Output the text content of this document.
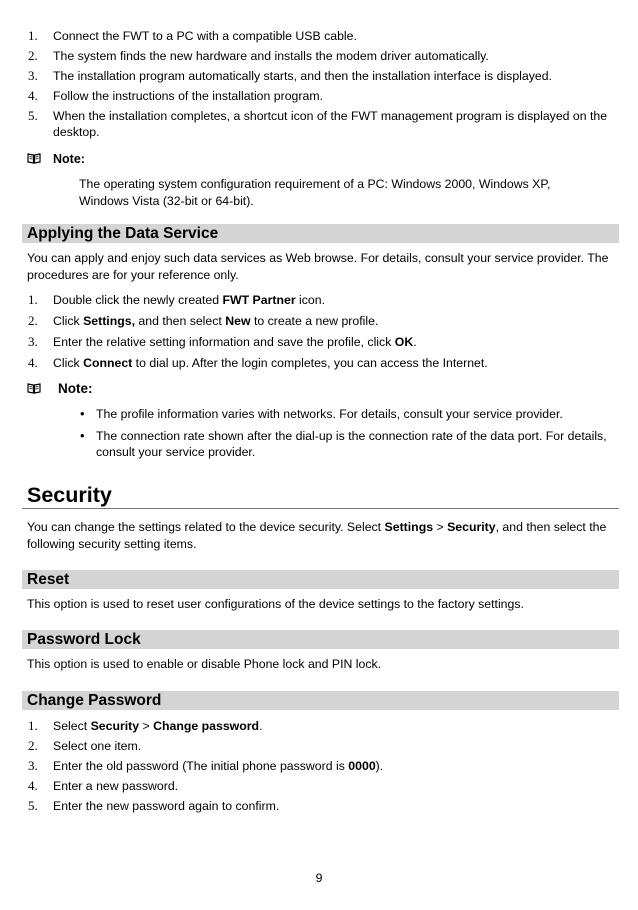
1. Connect the FWT to a PC with a compatible USB cable.
2. The system finds the new hardware and installs the modem driver automatically.
3. The installation program automatically starts, and then the installation interface is displayed.
4. Follow the instructions of the installation program.
5. When the installation completes, a shortcut icon of the FWT management program is displayed on the desktop.
Note:
The operating system configuration requirement of a PC: Windows 2000, Windows XP, Windows Vista (32-bit or 64-bit).
Applying the Data Service
You can apply and enjoy such data services as Web browse. For details, consult your service provider. The procedures are for your reference only.
1. Double click the newly created FWT Partner icon.
2. Click Settings, and then select New to create a new profile.
3. Enter the relative setting information and save the profile, click OK.
4. Click Connect to dial up. After the login completes, you can access the Internet.
Note:
• The profile information varies with networks. For details, consult your service provider.
• The connection rate shown after the dial-up is the connection rate of the data port. For details, consult your service provider.
Security
You can change the settings related to the device security. Select Settings > Security, and then select the following security setting items.
Reset
This option is used to reset user configurations of the device settings to the factory settings.
Password Lock
This option is used to enable or disable Phone lock and PIN lock.
Change Password
1. Select Security > Change password.
2. Select one item.
3. Enter the old password (The initial phone password is 0000).
4. Enter a new password.
5. Enter the new password again to confirm.
9
